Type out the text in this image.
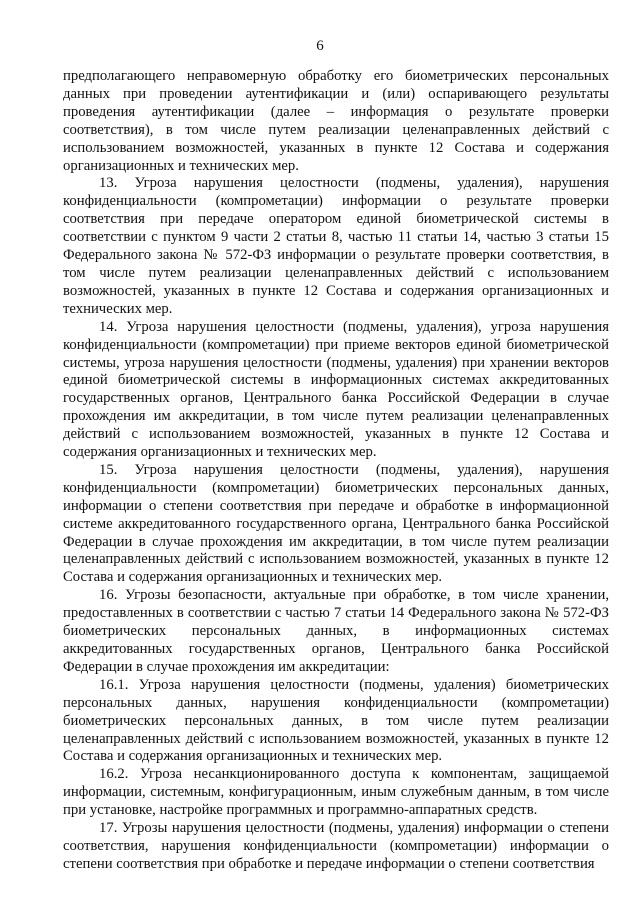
6

предполагающего неправомерную обработку его биометрических персональных данных при проведении аутентификации и (или) оспаривающего результаты проведения аутентификации (далее – информация о результате проверки соответствия), в том числе путем реализации целенаправленных действий с использованием возможностей, указанных в пункте 12 Состава и содержания организационных и технических мер.

13. Угроза нарушения целостности (подмены, удаления), нарушения конфиденциальности (компрометации) информации о результате проверки соответствия при передаче оператором единой биометрической системы в соответствии с пунктом 9 части 2 статьи 8, частью 11 статьи 14, частью 3 статьи 15 Федерального закона № 572-ФЗ информации о результате проверки соответствия, в том числе путем реализации целенаправленных действий с использованием возможностей, указанных в пункте 12 Состава и содержания организационных и технических мер.

14. Угроза нарушения целостности (подмены, удаления), угроза нарушения конфиденциальности (компрометации) при приеме векторов единой биометрической системы, угроза нарушения целостности (подмены, удаления) при хранении векторов единой биометрической системы в информационных системах аккредитованных государственных органов, Центрального банка Российской Федерации в случае прохождения им аккредитации, в том числе путем реализации целенаправленных действий с использованием возможностей, указанных в пункте 12 Состава и содержания организационных и технических мер.

15. Угроза нарушения целостности (подмены, удаления), нарушения конфиденциальности (компрометации) биометрических персональных данных, информации о степени соответствия при передаче и обработке в информационной системе аккредитованного государственного органа, Центрального банка Российской Федерации в случае прохождения им аккредитации, в том числе путем реализации целенаправленных действий с использованием возможностей, указанных в пункте 12 Состава и содержания организационных и технических мер.

16. Угрозы безопасности, актуальные при обработке, в том числе хранении, предоставленных в соответствии с частью 7 статьи 14 Федерального закона № 572-ФЗ биометрических персональных данных, в информационных системах аккредитованных государственных органов, Центрального банка Российской Федерации в случае прохождения им аккредитации:

16.1. Угроза нарушения целостности (подмены, удаления) биометрических персональных данных, нарушения конфиденциальности (компрометации) биометрических персональных данных, в том числе путем реализации целенаправленных действий с использованием возможностей, указанных в пункте 12 Состава и содержания организационных и технических мер.

16.2. Угроза несанкционированного доступа к компонентам, защищаемой информации, системным, конфигурационным, иным служебным данным, в том числе при установке, настройке программных и программно-аппаратных средств.

17. Угрозы нарушения целостности (подмены, удаления) информации о степени соответствия, нарушения конфиденциальности (компрометации) информации о степени соответствия при обработке и передаче информации о степени соответствия
